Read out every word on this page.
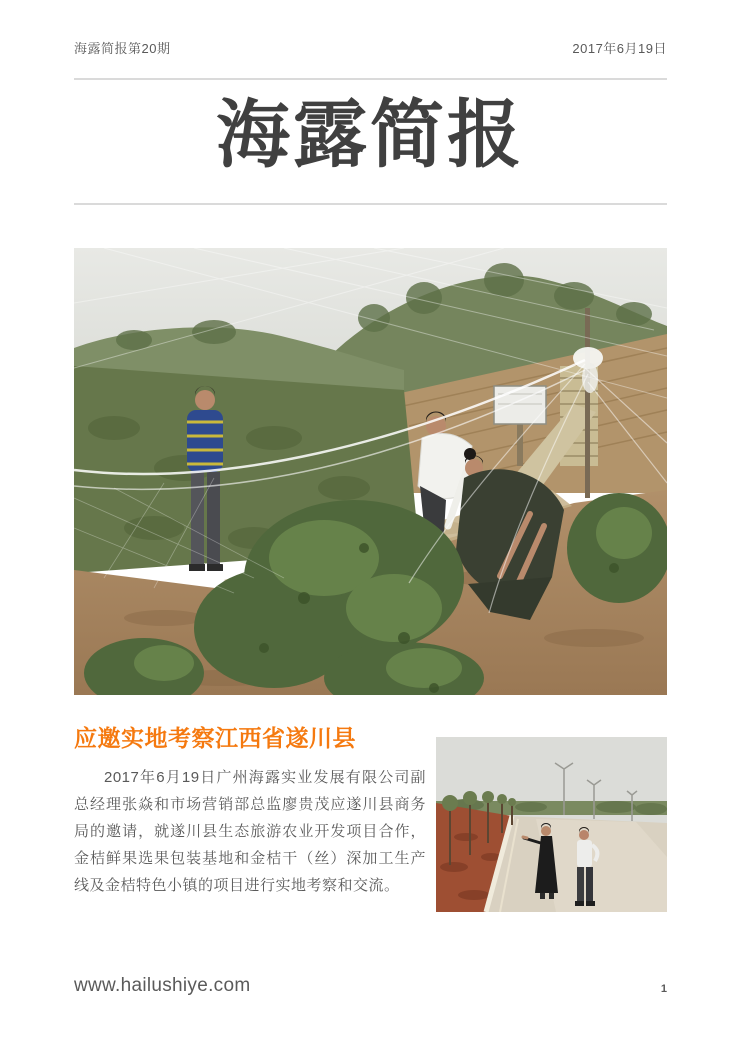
海露简报第20期	2017年6月19日
海露简报
应邀实地考察江西省遂川县
2017年6月19日广州海露实业发展有限公司副总经理张焱和市场营销部总监廖贵茂应遂川县商务局的邀请，就遂川县生态旅游农业开发项目合作，金桔鲜果选果包装基地和金桔干（丝）深加工生产线及金桔特色小镇的项目进行实地考察和交流。
www.hailushiye.com	1
